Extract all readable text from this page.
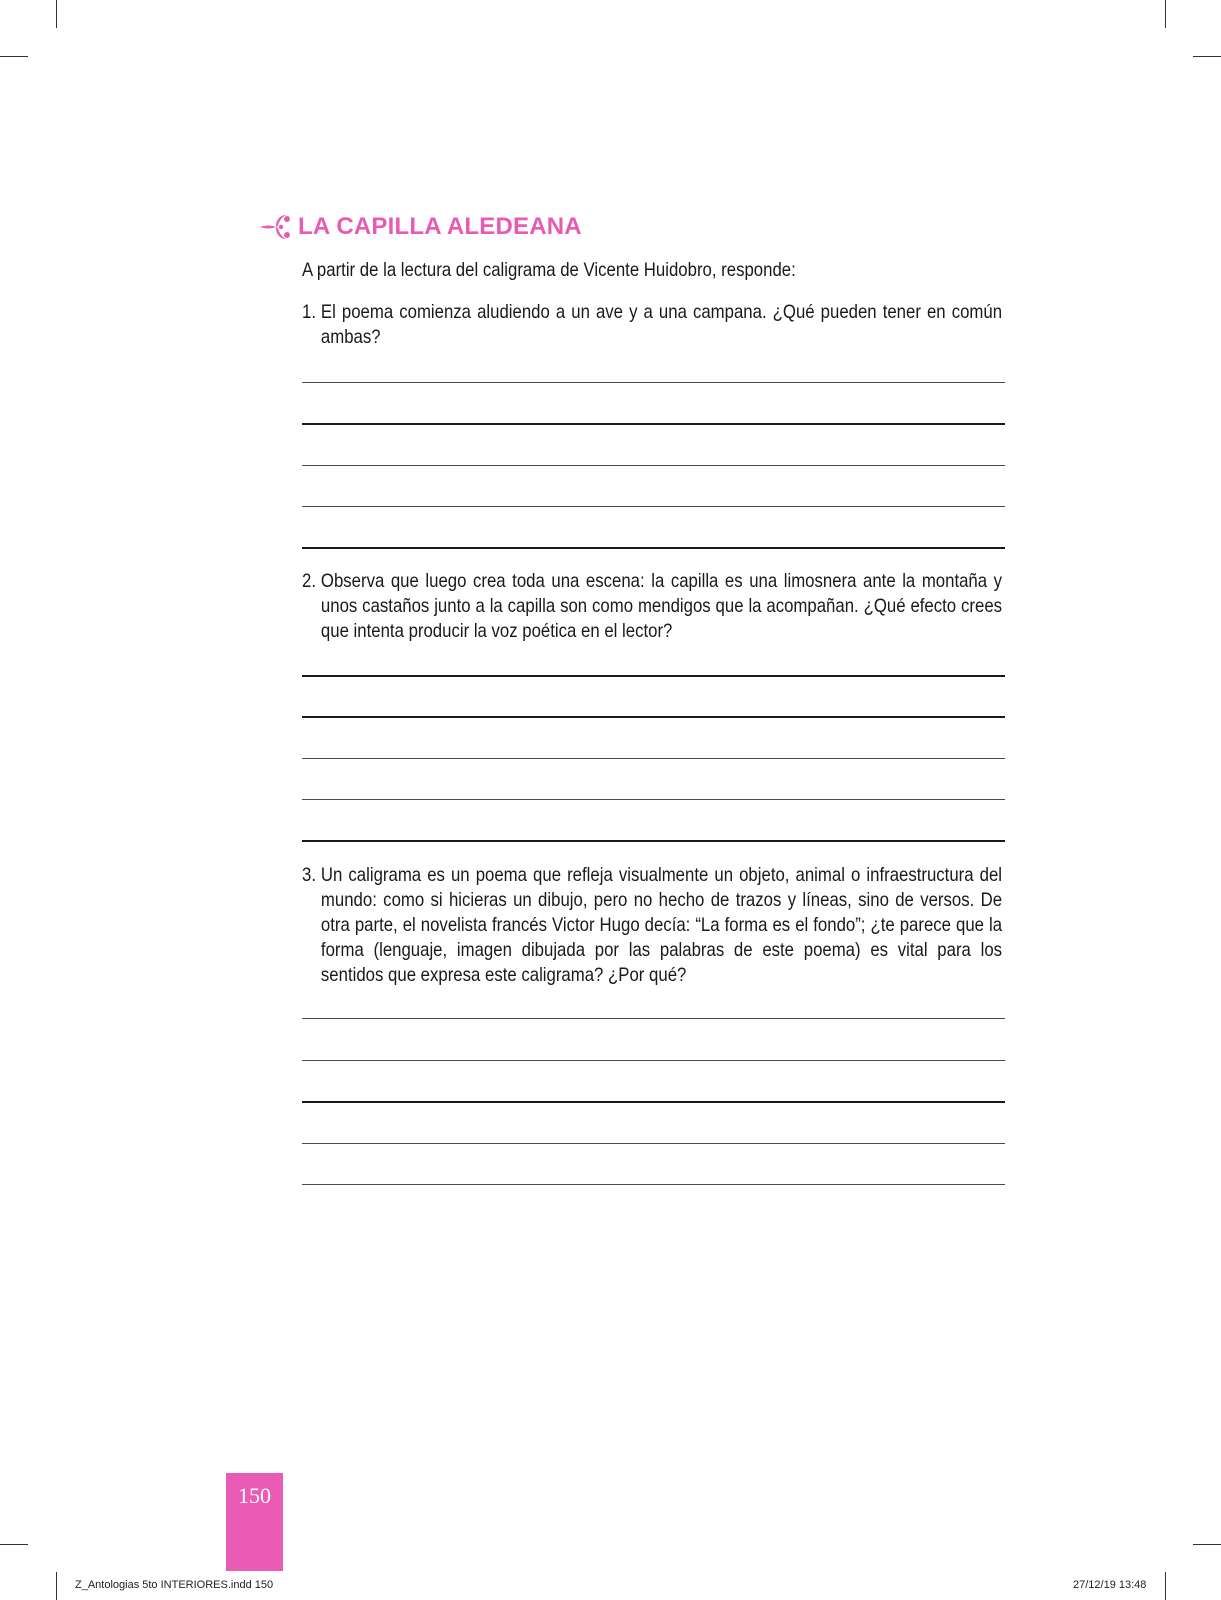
LA CAPILLA ALEDEANA
A partir de la lectura del caligrama de Vicente Huidobro, responde:
1. El poema comienza aludiendo a un ave y a una campana. ¿Qué pueden tener en común ambas?
2. Observa que luego crea toda una escena: la capilla es una limosnera ante la montaña y unos castaños junto a la capilla son como mendigos que la acompañan. ¿Qué efecto crees que intenta producir la voz poética en el lector?
3. Un caligrama es un poema que refleja visualmente un objeto, animal o infraestructura del mundo: como si hicieras un dibujo, pero no hecho de trazos y líneas, sino de versos. De otra parte, el novelista francés Victor Hugo decía: “La forma es el fondo”; ¿te parece que la forma (lenguaje, imagen dibujada por las palabras de este poema) es vital para los sentidos que expresa este caligrama? ¿Por qué?
150
Z_Antologias 5to INTERIORES.indd 150	27/12/19 13:48
